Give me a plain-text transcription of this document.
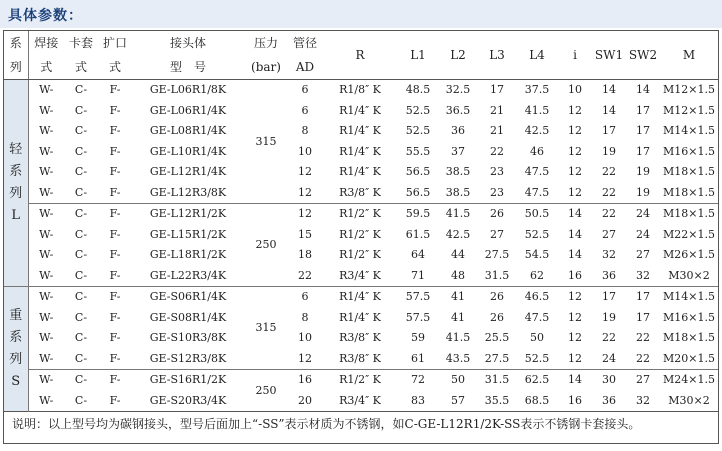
具体参数：
系	焊接	卡套	扩口	接头体	压力	管径	R	L1	L2	L3	L4	i	SW1	SW2	M
列	式	式	式	型　号	(bar)	AD									

轻
系
列
L	W-	C-	F-	GE-L06R1/8K	315	6	R1/8″ K	48.5	32.5	17	37.5	10	14	14	M12×1.5
	W-	C-	F-	GE-L06R1/4K		6	R1/4″ K	52.5	36.5	21	41.5	12	14	17	M12×1.5
	W-	C-	F-	GE-L08R1/4K		8	R1/4″ K	52.5	36	21	42.5	12	17	17	M14×1.5
	W-	C-	F-	GE-L10R1/4K		10	R1/4″ K	55.5	37	22	46	12	19	17	M16×1.5
	W-	C-	F-	GE-L12R1/4K		12	R1/4″ K	56.5	38.5	23	47.5	12	22	19	M18×1.5
	W-	C-	F-	GE-L12R3/8K		12	R3/8″ K	56.5	38.5	23	47.5	12	22	19	M18×1.5
	W-	C-	F-	GE-L12R1/2K	250	12	R1/2″ K	59.5	41.5	26	50.5	14	22	24	M18×1.5
	W-	C-	F-	GE-L15R1/2K		15	R1/2″ K	61.5	42.5	27	52.5	14	27	24	M22×1.5
	W-	C-	F-	GE-L18R1/2K		18	R1/2″ K	64	44	27.5	54.5	14	32	27	M26×1.5
	W-	C-	F-	GE-L22R3/4K		22	R3/4″ K	71	48	31.5	62	16	36	32	M30×2

重
系
列
S	W-	C-	F-	GE-S06R1/4K	315	6	R1/4″ K	57.5	41	26	46.5	12	17	17	M14×1.5
	W-	C-	F-	GE-S08R1/4K		8	R1/4″ K	57.5	41	26	47.5	12	19	17	M16×1.5
	W-	C-	F-	GE-S10R3/8K		10	R3/8″ K	59	41.5	25.5	50	12	22	22	M18×1.5
	W-	C-	F-	GE-S12R3/8K		12	R3/8″ K	61	43.5	27.5	52.5	12	24	22	M20×1.5
	W-	C-	F-	GE-S16R1/2K	250	16	R1/2″ K	72	50	31.5	62.5	14	30	27	M24×1.5
	W-	C-	F-	GE-S20R3/4K		20	R3/4″ K	83	57	35.5	68.5	16	36	32	M30×2
说明：以上型号均为碳钢接头，型号后面加上“-SS”表示材质为不锈钢，如C-GE-L12R1/2K-SS表示不锈钢卡套接头。															
